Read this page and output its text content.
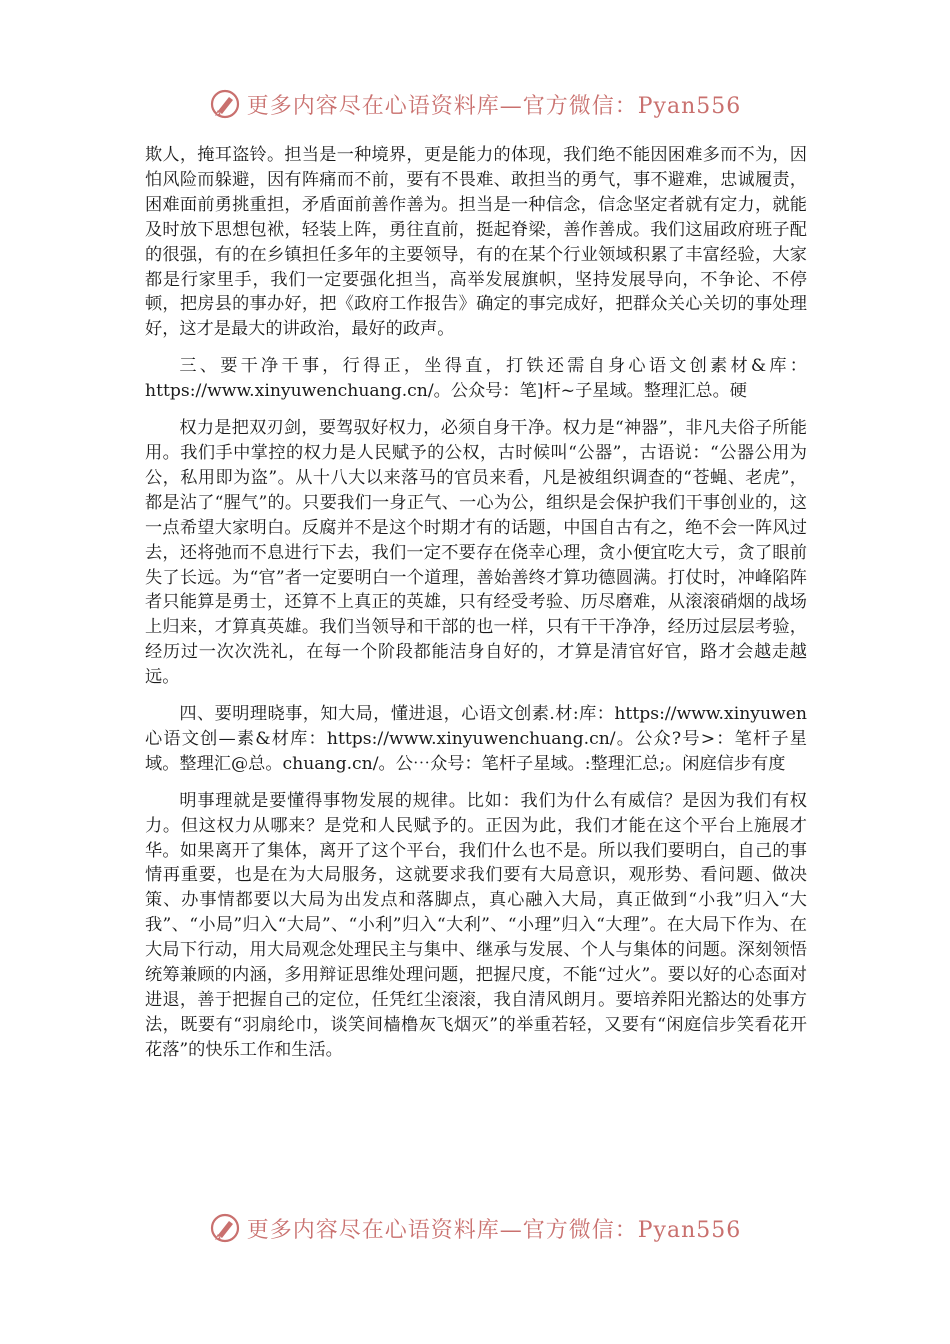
更多内容尽在心语资料库—官方微信：Pyan556

欺人，掩耳盗铃。担当是一种境界，更是能力的体现，我们绝不能因困难多而不为，因怕风险而躲避，因有阵痛而不前，要有不畏难、敢担当的勇气，事不避难，忠诚履责，困难面前勇挑重担，矛盾面前善作善为。担当是一种信念，信念坚定者就有定力，就能及时放下思想包袱，轻装上阵，勇往直前，挺起脊梁，善作善成。我们这届政府班子配的很强，有的在乡镇担任多年的主要领导，有的在某个行业领域积累了丰富经验，大家都是行家里手，我们一定要强化担当，高举发展旗帜，坚持发展导向，不争论、不停顿，把房县的事办好，把《政府工作报告》确定的事完成好，把群众关心关切的事处理好，这才是最大的讲政治，最好的政声。

三、要干净干事，行得正，坐得直，打铁还需自身心语文创素材&库：https://www.xinyuwenchuang.cn/。公众号：笔]杆~子星域。整理汇总。硬

权力是把双刃剑，要驾驭好权力，必须自身干净。权力是“神器”，非凡夫俗子所能用。我们手中掌控的权力是人民赋予的公权，古时候叫“公器”，古语说：“公器公用为公，私用即为盗”。从十八大以来落马的官员来看，凡是被组织调查的“苍蝇、老虎”，都是沾了“腥气”的。只要我们一身正气、一心为公，组织是会保护我们干事创业的，这一点希望大家明白。反腐并不是这个时期才有的话题，中国自古有之，绝不会一阵风过去，还将弛而不息进行下去，我们一定不要存在侥幸心理，贪小便宜吃大亏，贪了眼前失了长远。为“官”者一定要明白一个道理，善始善终才算功德圆满。打仗时，冲峰陷阵者只能算是勇士，还算不上真正的英雄，只有经受考验、历尽磨难，从滚滚硝烟的战场上归来，才算真英雄。我们当领导和干部的也一样，只有干干净净，经历过层层考验，经历过一次次洗礼，在每一个阶段都能洁身自好的，才算是清官好官，路才会越走越远。

四、要明理晓事，知大局，懂进退，心语文创素.材:库：https://www.xinyuwen心语文创—素&材库：https://www.xinyuwenchuang.cn/。公众?号>：笔杆子星域。整理汇@总。chuang.cn/。公⋯众号：笔杆子星域。:整理汇总;。闲庭信步有度

明事理就是要懂得事物发展的规律。比如：我们为什么有威信？是因为我们有权力。但这权力从哪来？是党和人民赋予的。正因为此，我们才能在这个平台上施展才华。如果离开了集体，离开了这个平台，我们什么也不是。所以我们要明白，自己的事情再重要，也是在为大局服务，这就要求我们要有大局意识，观形势、看问题、做决策、办事情都要以大局为出发点和落脚点，真心融入大局，真正做到“小我”归入“大我”、“小局”归入“大局”、“小利”归入“大利”、“小理”归入“大理”。在大局下作为、在大局下行动，用大局观念处理民主与集中、继承与发展、个人与集体的问题。深刻领悟统筹兼顾的内涵，多用辩证思维处理问题，把握尺度，不能“过火”。要以好的心态面对进退，善于把握自己的定位，任凭红尘滚滚，我自清风朗月。要培养阳光豁达的处事方法，既要有“羽扇纶巾，谈笑间樯橹灰飞烟灭”的举重若轻，又要有“闲庭信步笑看花开花落”的快乐工作和生活。

更多内容尽在心语资料库—官方微信：Pyan556
